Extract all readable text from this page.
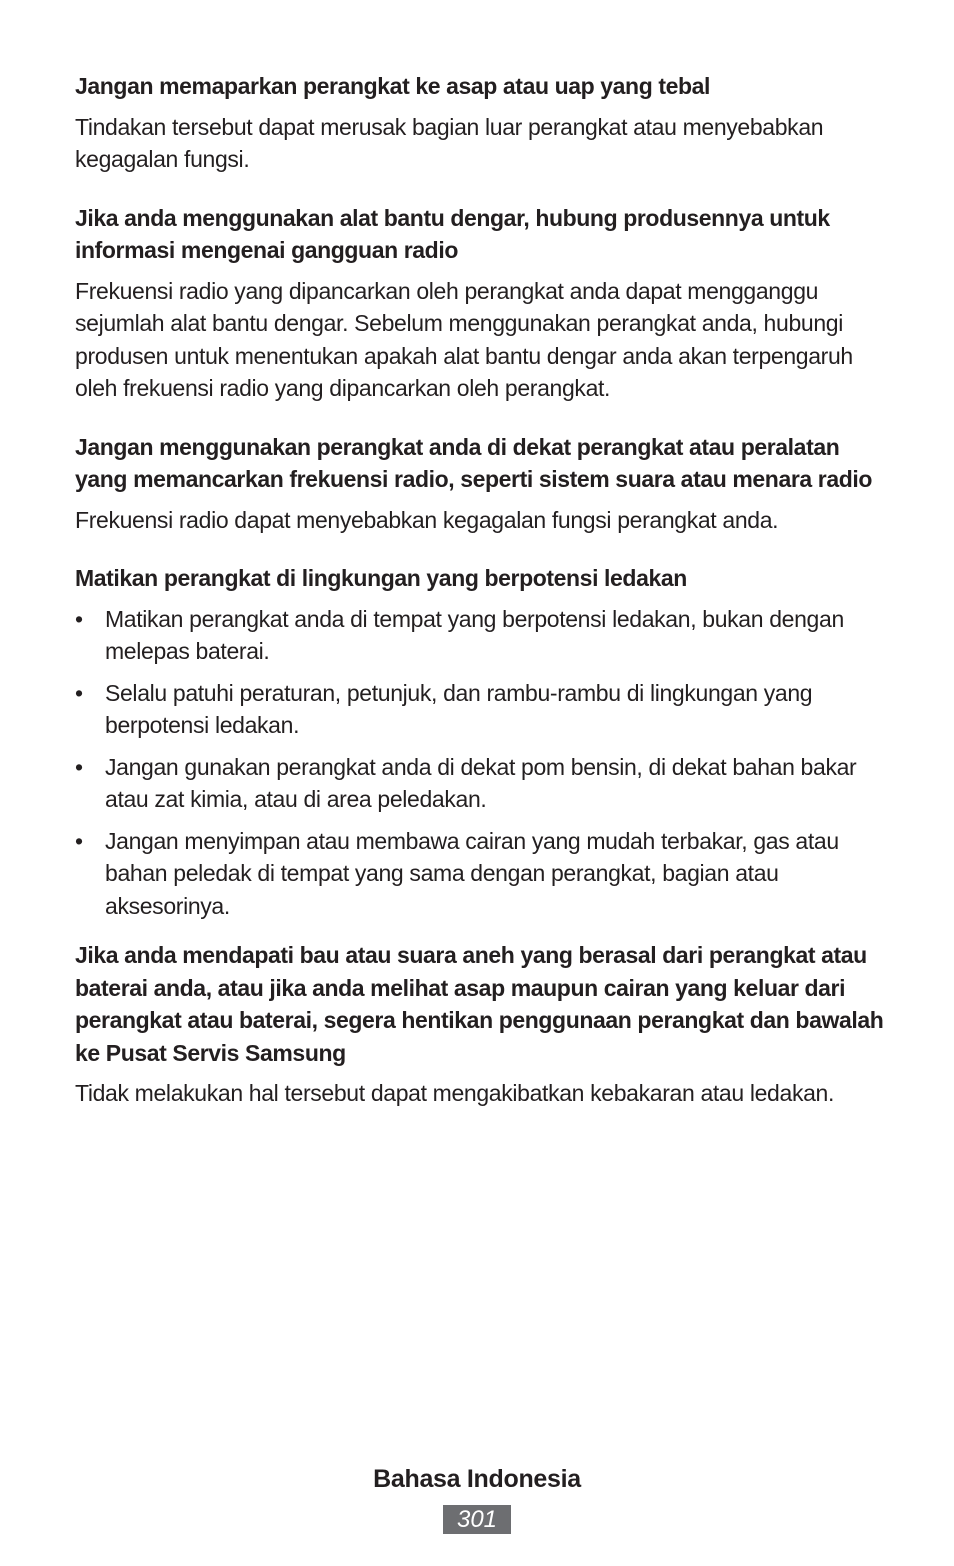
Jangan memaparkan perangkat ke asap atau uap yang tebal

Tindakan tersebut dapat merusak bagian luar perangkat atau menyebabkan kegagalan fungsi.

Jika anda menggunakan alat bantu dengar, hubung produsennya untuk informasi mengenai gangguan radio

Frekuensi radio yang dipancarkan oleh perangkat anda dapat mengganggu sejumlah alat bantu dengar. Sebelum menggunakan perangkat anda, hubungi produsen untuk menentukan apakah alat bantu dengar anda akan terpengaruh oleh frekuensi radio yang dipancarkan oleh perangkat.

Jangan menggunakan perangkat anda di dekat perangkat atau peralatan yang memancarkan frekuensi radio, seperti sistem suara atau menara radio

Frekuensi radio dapat menyebabkan kegagalan fungsi perangkat anda.

Matikan perangkat di lingkungan yang berpotensi ledakan

• Matikan perangkat anda di tempat yang berpotensi ledakan, bukan dengan melepas baterai.
• Selalu patuhi peraturan, petunjuk, dan rambu-rambu di lingkungan yang berpotensi ledakan.
• Jangan gunakan perangkat anda di dekat pom bensin, di dekat bahan bakar atau zat kimia, atau di area peledakan.
• Jangan menyimpan atau membawa cairan yang mudah terbakar, gas atau bahan peledak di tempat yang sama dengan perangkat, bagian atau aksesorinya.

Jika anda mendapati bau atau suara aneh yang berasal dari perangkat atau baterai anda, atau jika anda melihat asap maupun cairan yang keluar dari perangkat atau baterai, segera hentikan penggunaan perangkat dan bawalah ke Pusat Servis Samsung

Tidak melakukan hal tersebut dapat mengakibatkan kebakaran atau ledakan.

Bahasa Indonesia
301
